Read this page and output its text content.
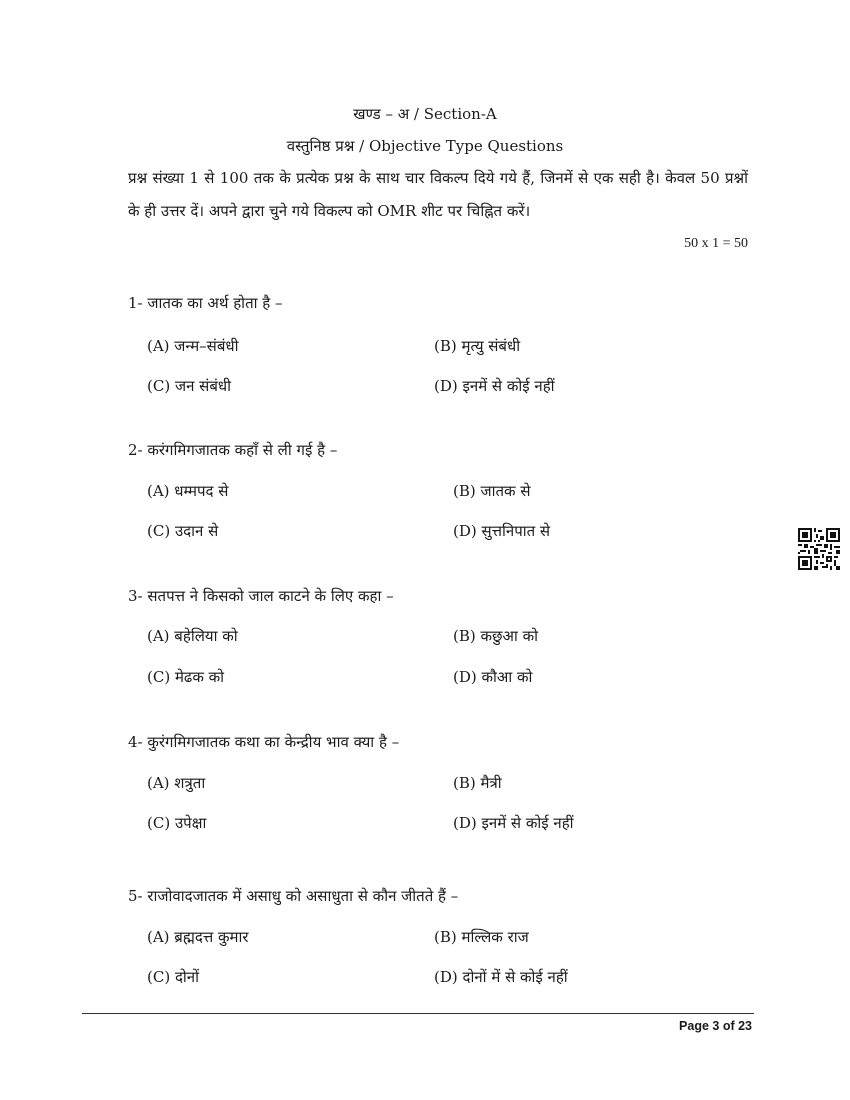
खण्ड – अ / Section-A
वस्तुनिष्ठ प्रश्न / Objective Type Questions
प्रश्न संख्या 1 से 100 तक के प्रत्येक प्रश्न के साथ चार विकल्प दिये गये हैं, जिनमें से एक सही है। केवल 50 प्रश्नों के ही उत्तर दें। अपने द्वारा चुने गये विकल्प को OMR शीट पर चिह्नित करें।
50 x 1 = 50
1- जातक का अर्थ होता है –
(A) जन्म–संबंधी	(B) मृत्यु संबंधी
(C) जन संबंधी	(D) इनमें से कोई नहीं
2- करंगमिगजातक कहाँ से ली गई है –
(A) धम्मपद से	(B) जातक से
(C) उदान से	(D) सुत्तनिपात से
3- सतपत्त ने किसको जाल काटने के लिए कहा –
(A) बहेलिया को	(B) कछुआ को
(C) मेढक को	(D) कौआ को
4- कुरंगमिगजातक कथा का केन्द्रीय भाव क्या है –
(A) शत्रुता	(B) मैत्री
(C) उपेक्षा	(D) इनमें से कोई नहीं
5- राजोवादजातक में असाधु को असाधुता से कौन जीतते हैं –
(A) ब्रह्मदत्त कुमार	(B) मल्लिक राज
(C) दोनों	(D) दोनों में से कोई नहीं
Page 3 of 23
